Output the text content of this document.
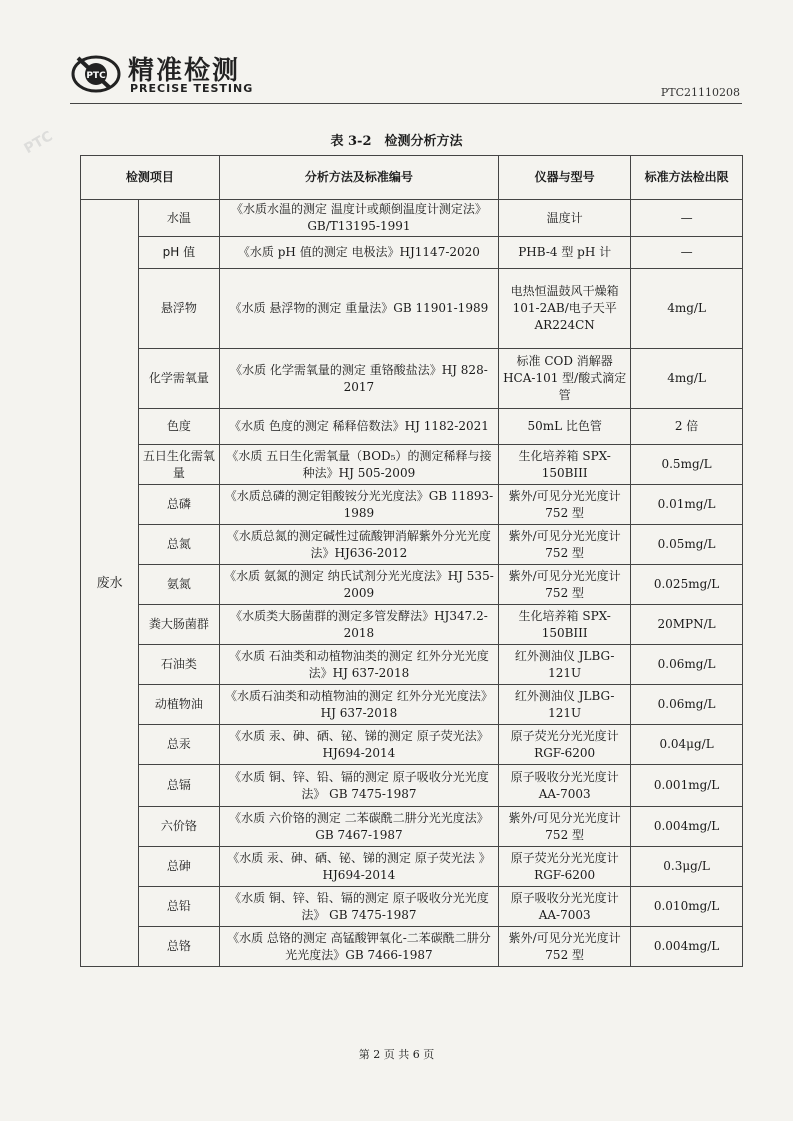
PTC
PTC 精准检测
PRECISE TESTING	PTC21110208
表 3-2　检测分析方法
检测项目		分析方法及标准编号	仪器与型号	标准方法检出限
废水	水温	《水质水温的测定 温度计或颠倒温度计测定法》GB/T13195-1991	温度计	—
	pH 值	《水质 pH 值的测定 电极法》HJ1147-2020	PHB-4 型 pH 计	—
	悬浮物	《水质 悬浮物的测定 重量法》GB 11901-1989	电热恒温鼓风干燥箱 101-2AB/电子天平 AR224CN	4mg/L
	化学需氧量	《水质 化学需氧量的测定 重铬酸盐法》HJ 828-2017	标准 COD 消解器 HCA-101 型/酸式滴定管	4mg/L
	色度	《水质 色度的测定 稀释倍数法》HJ 1182-2021	50mL 比色管	2 倍
	五日生化需氧量	《水质 五日生化需氧量（BOD₅）的测定稀释与接种法》HJ 505-2009	生化培养箱 SPX-150BIII	0.5mg/L
	总磷	《水质总磷的测定钼酸铵分光光度法》GB 11893-1989	紫外/可见分光光度计 752 型	0.01mg/L
	总氮	《水质总氮的测定碱性过硫酸钾消解紫外分光光度法》HJ636-2012	紫外/可见分光光度计 752 型	0.05mg/L
	氨氮	《水质 氨氮的测定 纳氏试剂分光光度法》HJ 535-2009	紫外/可见分光光度计 752 型	0.025mg/L
	粪大肠菌群	《水质类大肠菌群的测定多管发酵法》HJ347.2-2018	生化培养箱 SPX-150BIII	20MPN/L
	石油类	《水质 石油类和动植物油类的测定 红外分光光度法》HJ 637-2018	红外测油仪 JLBG-121U	0.06mg/L
	动植物油	《水质石油类和动植物油的测定 红外分光光度法》HJ 637-2018	红外测油仪 JLBG-121U	0.06mg/L
	总汞	《水质 汞、砷、硒、铋、锑的测定 原子荧光法》 HJ694-2014	原子荧光分光光度计 RGF-6200	0.04μg/L
	总镉	《水质 铜、锌、铅、镉的测定 原子吸收分光光度法》 GB 7475-1987	原子吸收分光光度计 AA-7003	0.001mg/L
	六价铬	《水质 六价铬的测定 二苯碳酰二肼分光光度法》GB 7467-1987	紫外/可见分光光度计 752 型	0.004mg/L
	总砷	《水质 汞、砷、硒、铋、锑的测定 原子荧光法 》HJ694-2014	原子荧光分光光度计 RGF-6200	0.3μg/L
	总铅	《水质 铜、锌、铅、镉的测定 原子吸收分光光度法》 GB 7475-1987	原子吸收分光光度计 AA-7003	0.010mg/L
	总铬	《水质 总铬的测定 高锰酸钾氧化-二苯碳酰二肼分光光度法》GB 7466-1987	紫外/可见分光光度计 752 型	0.004mg/L
第 2 页 共 6 页
